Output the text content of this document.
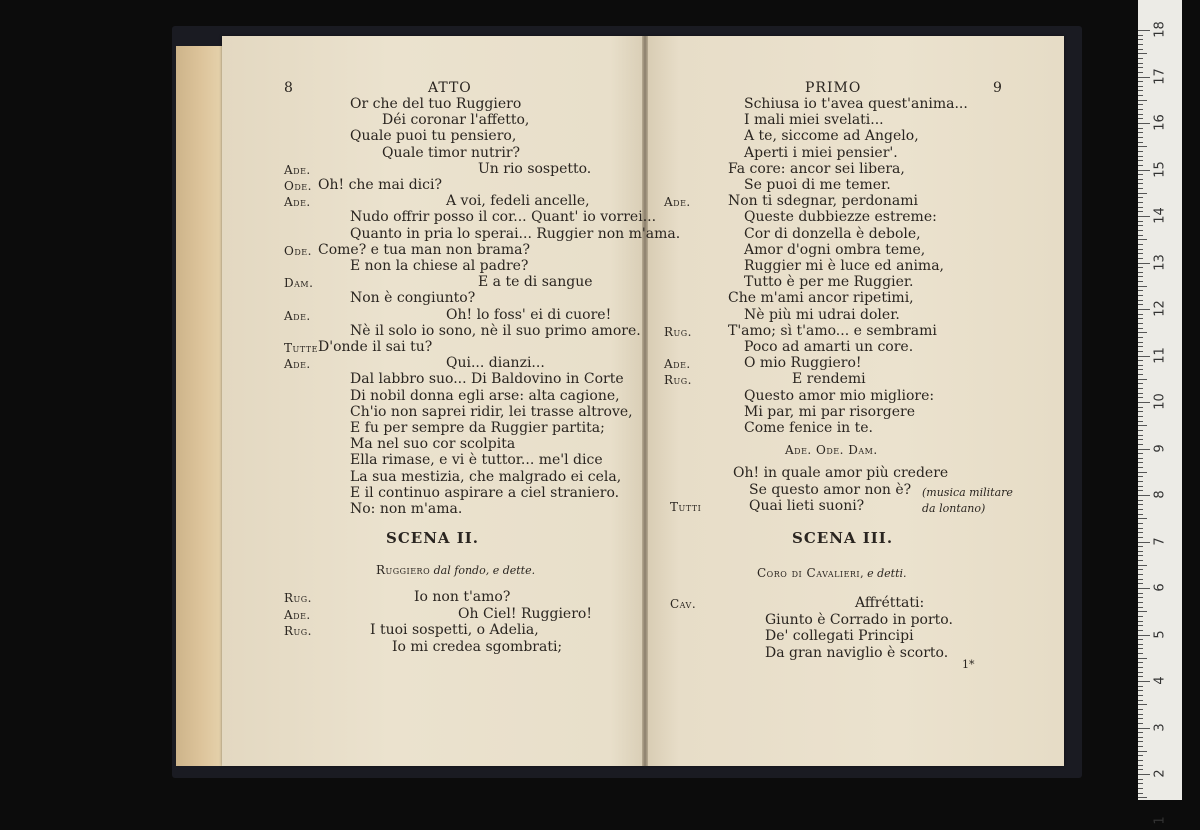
18
17
16
15
14
13
12
11
10
9
8
7
6
5
4
3
2
1
8	ATTO	PRIMO	9
Or che del tuo Ruggiero
Déi coronar l'affetto,
Quale puoi tu pensiero,
Quale timor nutrir?
Ade.	Un rio sospetto.
Ode. Oh! che mai dici?
Ade.	A voi, fedeli ancelle,
Nudo offrir posso il cor... Quant' io vorrei...
Quanto in pria lo sperai... Ruggier non m'ama.
Ode. Come? e tua man non brama?
E non la chiese al padre?
Dam.	E a te di sangue
Non è congiunto?
Ade.	Oh! lo foss' ei di cuore!
Nè il solo io sono, nè il suo primo amore.
Tutte D'onde il sai tu?
Ade.	Qui... dianzi...
Dal labbro suo... Di Baldovino in Corte
Di nobil donna egli arse: alta cagione,
Ch'io non saprei ridir, lei trasse altrove,
E fu per sempre da Ruggier partita;
Ma nel suo cor scolpita
Ella rimase, e vi è tuttor... me'l dice
La sua mestizia, che malgrado ei cela,
E il continuo aspirare a ciel straniero.
No: non m'ama.
SCENA II.
Ruggiero dal fondo, e dette.
Rug.	Io non t'amo?
Ade.	Oh Ciel! Ruggiero!
Rug.	I tuoi sospetti, o Adelia,
Io mi credea sgombrati;
Schiusa io t'avea quest'anima...
I mali miei svelati...
A te, siccome ad Angelo,
Aperti i miei pensier'.
Fa core: ancor sei libera,
Se puoi di me temer.
Ade.	Non ti sdegnar, perdonami
Queste dubbiezze estreme:
Cor di donzella è debole,
Amor d'ogni ombra teme,
Ruggier mi è luce ed anima,
Tutto è per me Ruggier.
Che m'ami ancor ripetimi,
Nè più mi udrai doler.
Rug.	T'amo; sì t'amo... e sembrami
Poco ad amarti un core.
Ade.	O mio Ruggiero!
Rug.	E rendemi
Questo amor mio migliore:
Mi par, mi par risorgere
Come fenice in te.
Ade. Ode. Dam.
Oh! in quale amor più credere
Se questo amor non è? (musica militare
Tutti	Quai lieti suoni?	da lontano)
SCENA III.
Coro di Cavalieri, e detti.
Cav.	Affréttati:
Giunto è Corrado in porto.
De' collegati Principi
Da gran naviglio è scorto.
1*
